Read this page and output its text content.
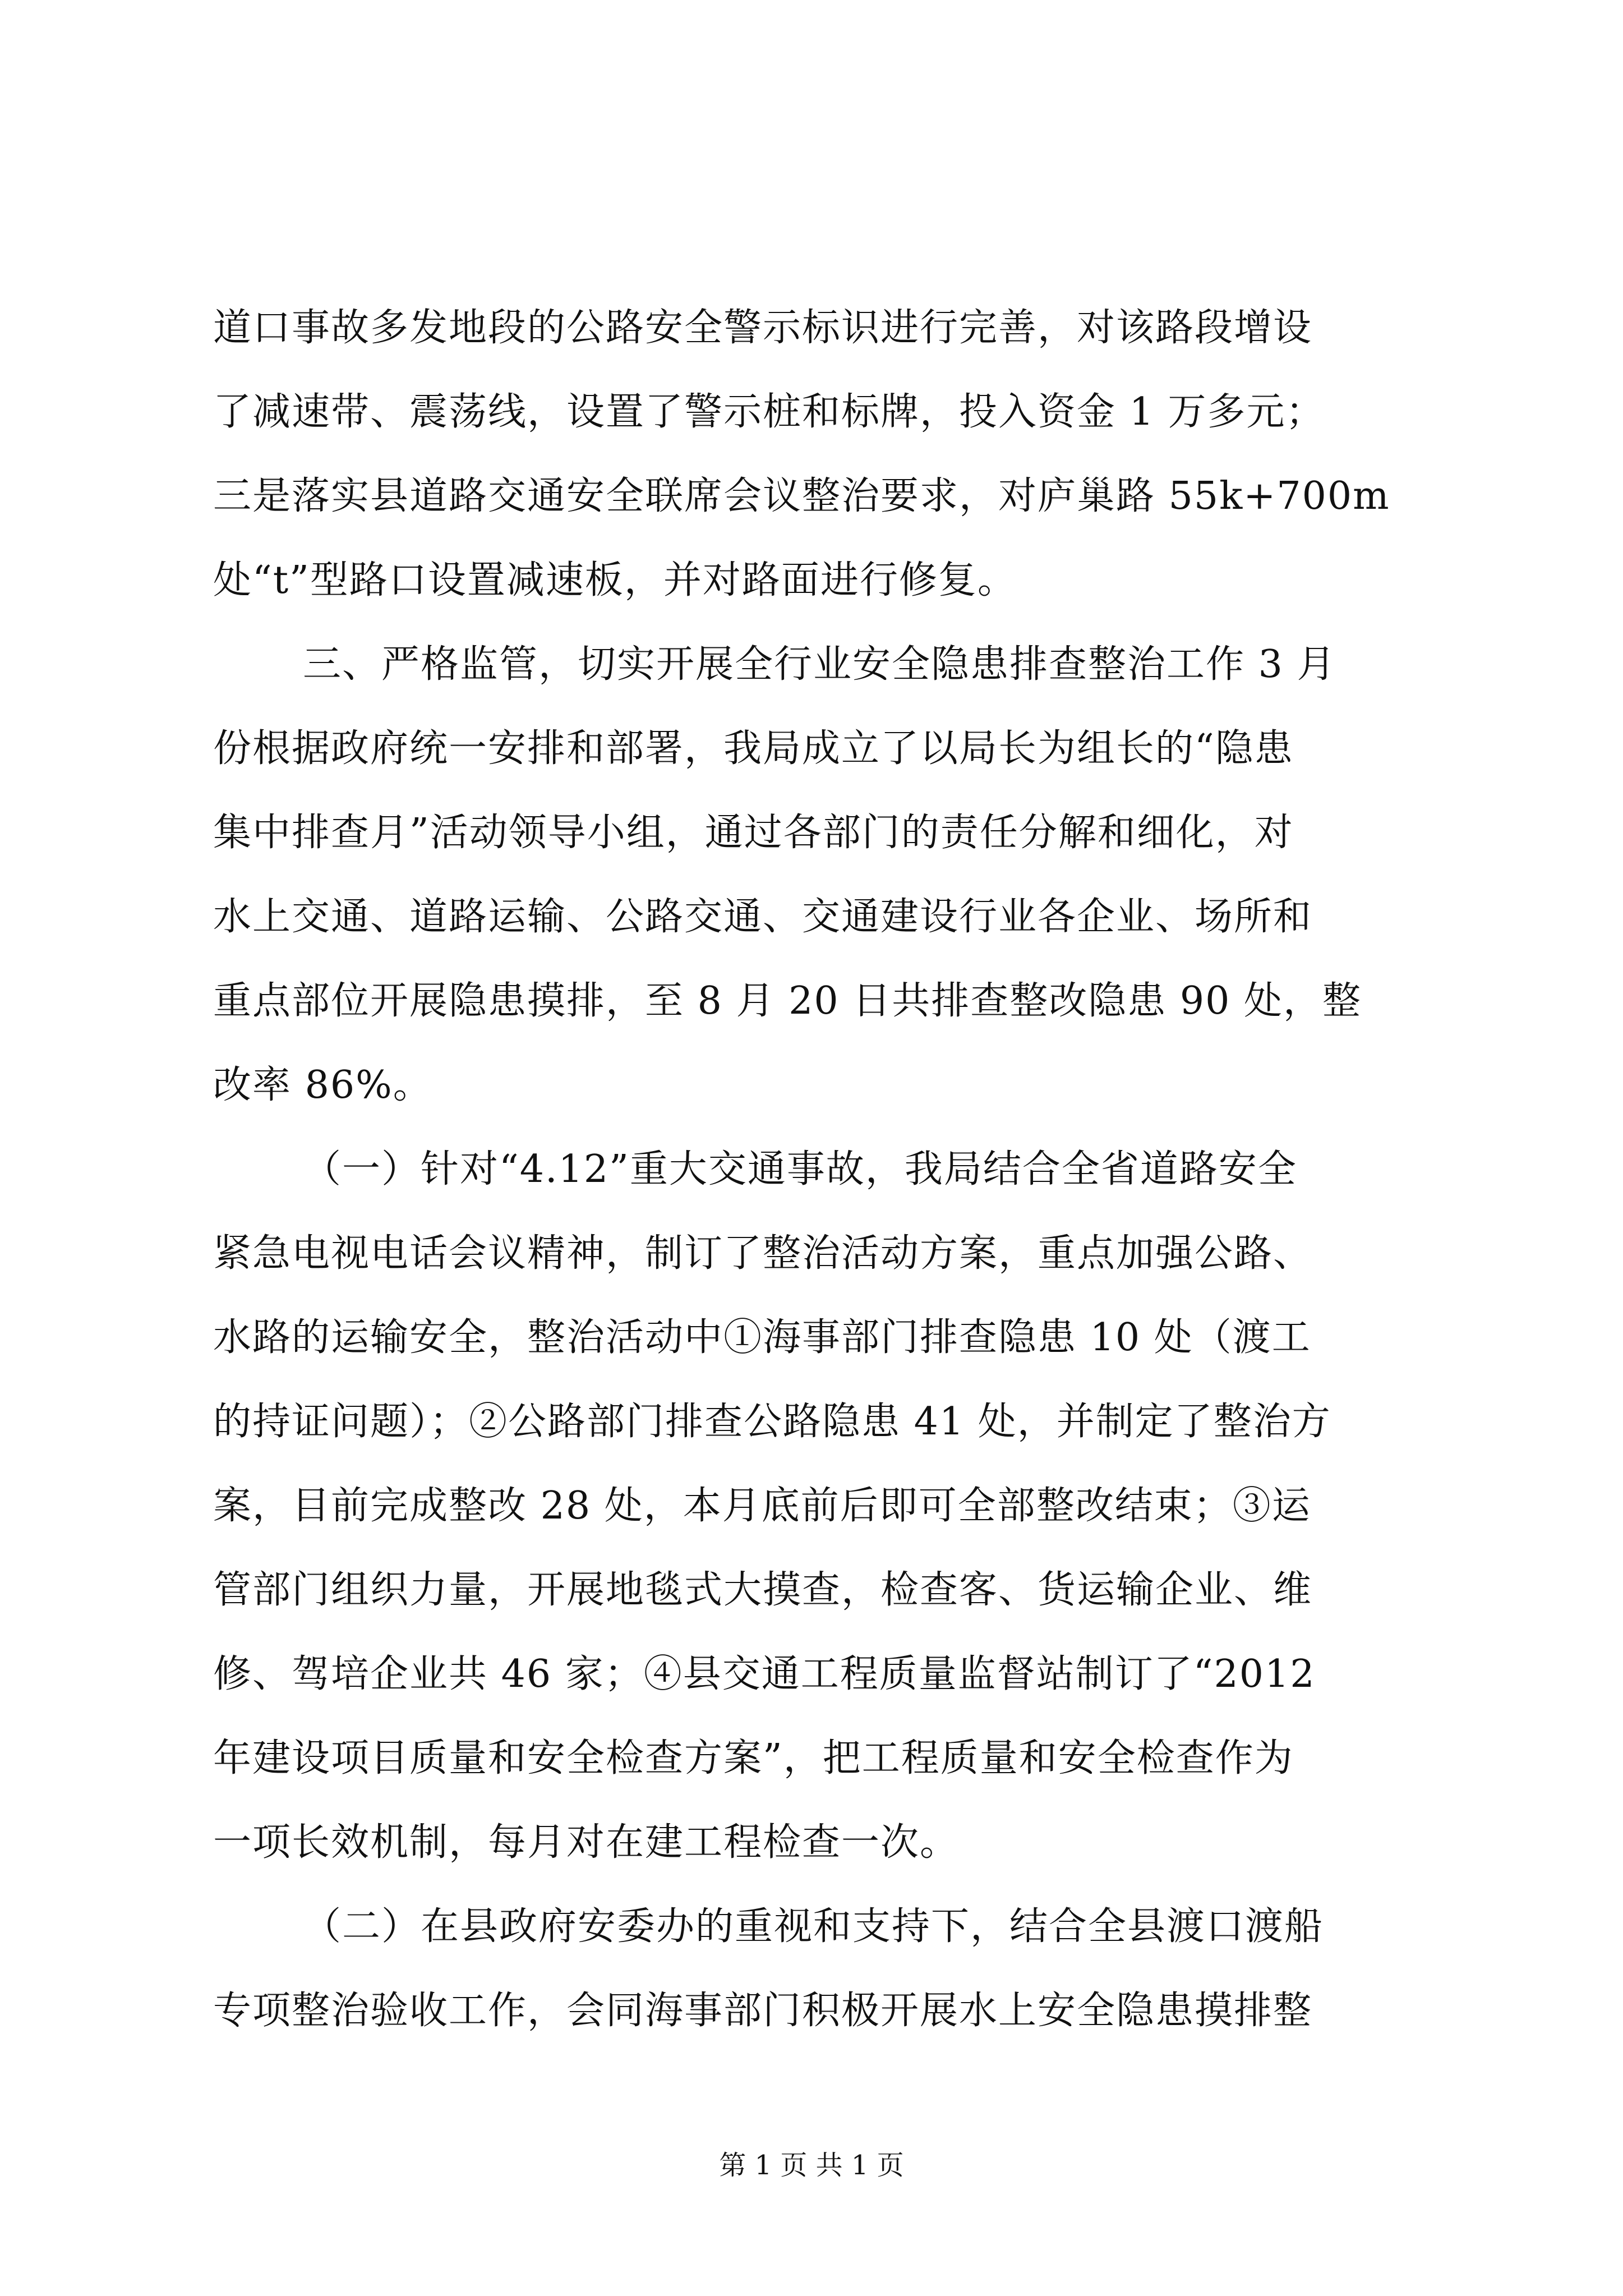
道口事故多发地段的公路安全警示标识进行完善，对该路段增设
了减速带、震荡线，设置了警示桩和标牌，投入资金 1 万多元；
三是落实县道路交通安全联席会议整治要求，对庐巢路 55k+700m
处“t”型路口设置减速板，并对路面进行修复。
三、严格监管，切实开展全行业安全隐患排查整治工作 3 月
份根据政府统一安排和部署，我局成立了以局长为组长的“隐患
集中排查月”活动领导小组，通过各部门的责任分解和细化，对
水上交通、道路运输、公路交通、交通建设行业各企业、场所和
重点部位开展隐患摸排，至 8 月 20 日共排查整改隐患 90 处，整
改率 86%。
（一）针对“4.12”重大交通事故，我局结合全省道路安全
紧急电视电话会议精神，制订了整治活动方案，重点加强公路、
水路的运输安全，整治活动中①海事部门排查隐患 10 处（渡工
的持证问题）；②公路部门排查公路隐患 41 处，并制定了整治方
案，目前完成整改 28 处，本月底前后即可全部整改结束；③运
管部门组织力量，开展地毯式大摸查，检查客、货运输企业、维
修、驾培企业共 46 家；④县交通工程质量监督站制订了“2012
年建设项目质量和安全检查方案”，把工程质量和安全检查作为
一项长效机制，每月对在建工程检查一次。
（二）在县政府安委办的重视和支持下，结合全县渡口渡船
专项整治验收工作，会同海事部门积极开展水上安全隐患摸排整
第 1 页 共 1 页
